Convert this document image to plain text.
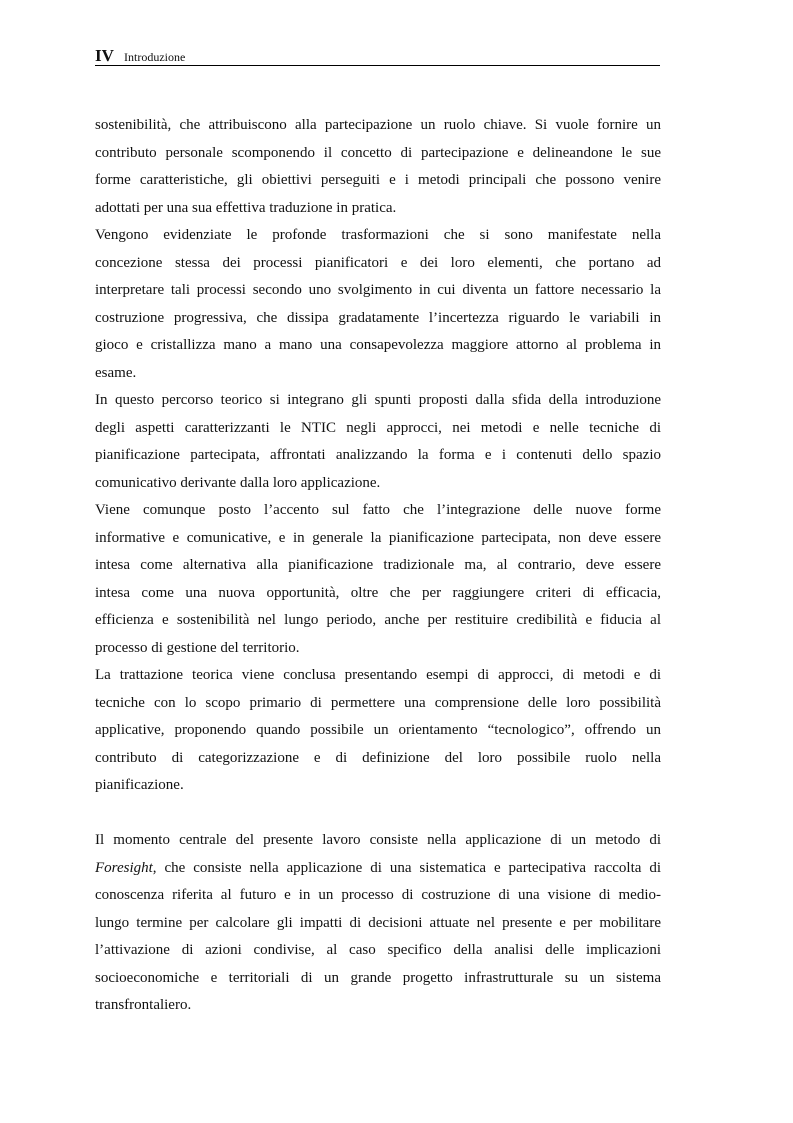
IV Introduzione

sostenibilità, che attribuiscono alla partecipazione un ruolo chiave. Si vuole fornire un
contributo personale scomponendo il concetto di partecipazione e delineandone le sue
forme caratteristiche, gli obiettivi perseguiti e i metodi principali che possono venire
adottati per una sua effettiva traduzione in pratica.

Vengono evidenziate le profonde trasformazioni che si sono manifestate nella
concezione stessa dei processi pianificatori e dei loro elementi, che portano ad
interpretare tali processi secondo uno svolgimento in cui diventa un fattore necessario la
costruzione progressiva, che dissipa gradatamente l’incertezza riguardo le variabili in
gioco e cristallizza mano a mano una consapevolezza maggiore attorno al problema in
esame.

In questo percorso teorico si integrano gli spunti proposti dalla sfida della introduzione
degli aspetti caratterizzanti le NTIC negli approcci, nei metodi e nelle tecniche di
pianificazione partecipata, affrontati analizzando la forma e i contenuti dello spazio
comunicativo derivante dalla loro applicazione.

Viene comunque posto l’accento sul fatto che l’integrazione delle nuove forme
informative e comunicative, e in generale la pianificazione partecipata, non deve essere
intesa come alternativa alla pianificazione tradizionale ma, al contrario, deve essere
intesa come una nuova opportunità, oltre che per raggiungere criteri di efficacia,
efficienza e sostenibilità nel lungo periodo, anche per restituire credibilità e fiducia al
processo di gestione del territorio.

La trattazione teorica viene conclusa presentando esempi di approcci, di metodi e di
tecniche con lo scopo primario di permettere una comprensione delle loro possibilità
applicative, proponendo quando possibile un orientamento “tecnologico”, offrendo un
contributo di categorizzazione e di definizione del loro possibile ruolo nella
pianificazione.

Il momento centrale del presente lavoro consiste nella applicazione di un metodo di
Foresight, che consiste nella applicazione di una sistematica e partecipativa raccolta di
conoscenza riferita al futuro e in un processo di costruzione di una visione di medio-
lungo termine per calcolare gli impatti di decisioni attuate nel presente e per mobilitare
l’attivazione di azioni condivise, al caso specifico della analisi delle implicazioni
socioeconomiche e territoriali di un grande progetto infrastrutturale su un sistema
transfrontaliero.
